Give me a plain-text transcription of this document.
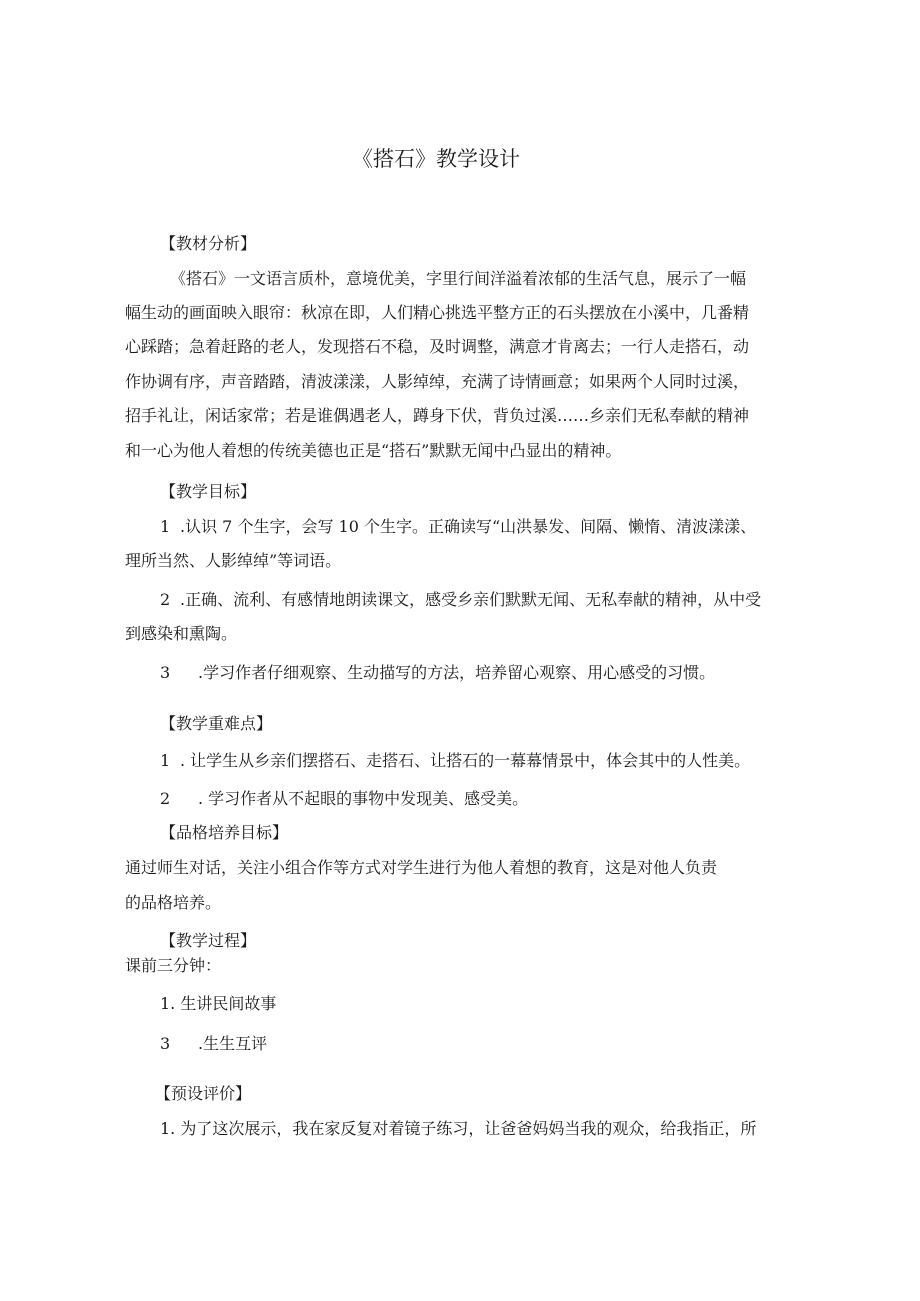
《搭石》教学设计
【教材分析】
《搭石》一文语言质朴，意境优美，字里行间洋溢着浓郁的生活气息，展示了一幅
幅生动的画面映入眼帘：秋凉在即，人们精心挑选平整方正的石头摆放在小溪中，几番精
心踩踏；急着赶路的老人，发现搭石不稳，及时调整，满意才肯离去；一行人走搭石，动
作协调有序，声音踏踏，清波漾漾，人影绰绰，充满了诗情画意；如果两个人同时过溪，
招手礼让，闲话家常；若是谁偶遇老人，蹲身下伏，背负过溪……乡亲们无私奉献的精神
和一心为他人着想的传统美德也正是“搭石”默默无闻中凸显出的精神。
【教学目标】
1 .认识 7 个生字，会写 10 个生字。正确读写“山洪暴发、间隔、懒惰、清波漾漾、
理所当然、人影绰绰”等词语。
2 .正确、流利、有感情地朗读课文，感受乡亲们默默无闻、无私奉献的精神，从中受
到感染和熏陶。
3 .学习作者仔细观察、生动描写的方法，培养留心观察、用心感受的习惯。
【教学重难点】
1 . 让学生从乡亲们摆搭石、走搭石、让搭石的一幕幕情景中，体会其中的人性美。
2 . 学习作者从不起眼的事物中发现美、感受美。
【品格培养目标】
通过师生对话，关注小组合作等方式对学生进行为他人着想的教育，这是对他人负责
的品格培养。
【教学过程】
课前三分钟：
1. 生讲民间故事
3 .生生互评
【预设评价】
1. 为了这次展示，我在家反复对着镜子练习，让爸爸妈妈当我的观众，给我指正，所
